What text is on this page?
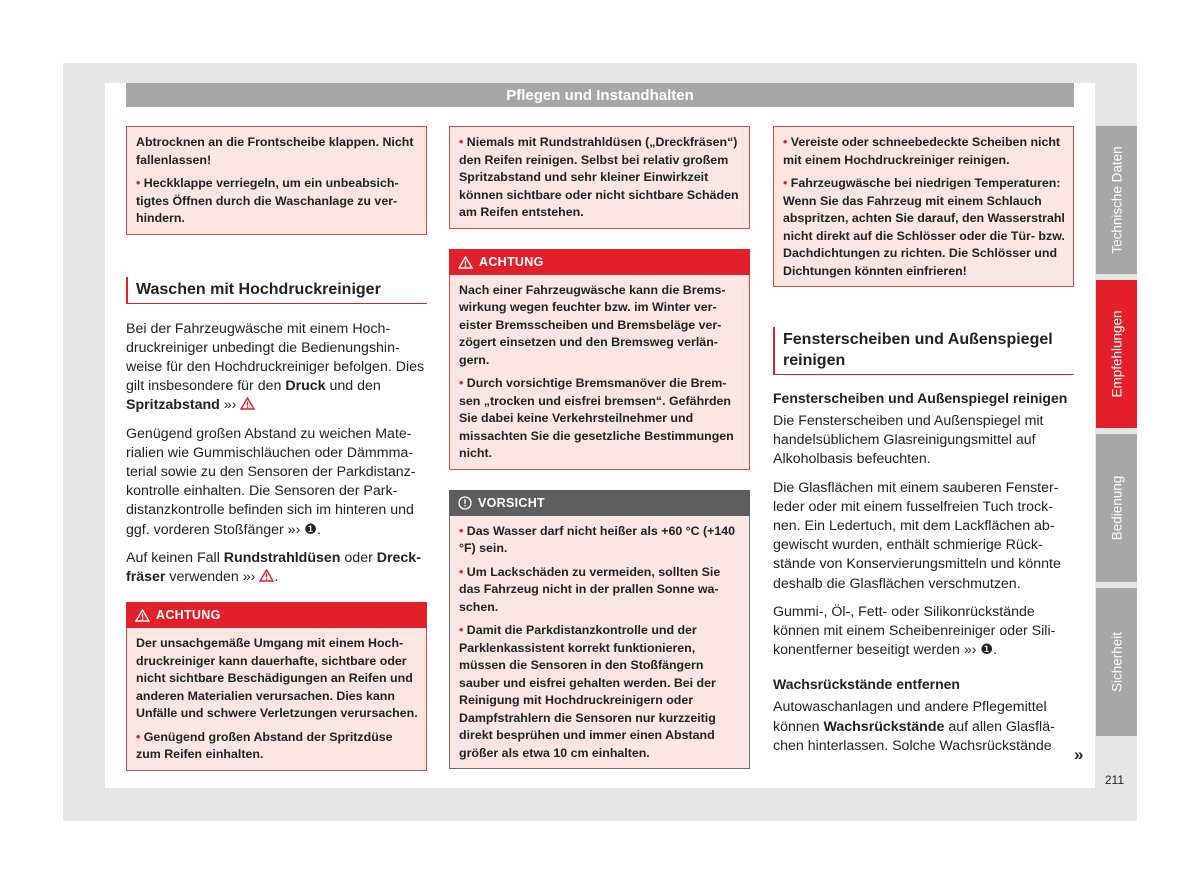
Pflegen und Instandhalten

Abtrocknen an die Frontscheibe klappen. Nicht fallenlassen!

• Heckklappe verriegeln, um ein unbeabsichtigtes Öffnen durch die Waschanlage zu verhindern.

Waschen mit Hochdruckreiniger

Bei der Fahrzeugwäsche mit einem Hochdruckreiniger unbedingt die Bedienungshinweise für den Hochdruckreiniger befolgen. Dies gilt insbesondere für den Druck und den Spritzabstand »›

Genügend großen Abstand zu weichen Materialien wie Gummischläuchen oder Dämmmaterial sowie zu den Sensoren der Parkdistanzkontrolle einhalten. Die Sensoren der Parkdistanzkontrolle befinden sich im hinteren und ggf. vorderen Stoßfänger »› ❶.

Auf keinen Fall Rundstrahldüsen oder Dreckfräser verwenden »› .

ACHTUNG

Der unsachgemäße Umgang mit einem Hochdruckreiniger kann dauerhafte, sichtbare oder nicht sichtbare Beschädigungen an Reifen und anderen Materialien verursachen. Dies kann Unfälle und schwere Verletzungen verursachen.

• Genügend großen Abstand der Spritzdüse zum Reifen einhalten.

• Niemals mit Rundstrahldüsen („Dreckfräsen“) den Reifen reinigen. Selbst bei relativ großem Spritzabstand und sehr kleiner Einwirkzeit können sichtbare oder nicht sichtbare Schäden am Reifen entstehen.

ACHTUNG

Nach einer Fahrzeugwäsche kann die Bremswirkung wegen feuchter bzw. im Winter vereister Bremsscheiben und Bremsbeläge verzögert einsetzen und den Bremsweg verlängern.

• Durch vorsichtige Bremsmanöver die Bremsen „trocken und eisfrei bremsen“. Gefährden Sie dabei keine Verkehrsteilnehmer und missachten Sie die gesetzliche Bestimmungen nicht.

VORSICHT

• Das Wasser darf nicht heißer als +60 °C (+140 °F) sein.

• Um Lackschäden zu vermeiden, sollten Sie das Fahrzeug nicht in der prallen Sonne waschen.

• Damit die Parkdistanzkontrolle und der Parklenkassistent korrekt funktionieren, müssen die Sensoren in den Stoßfängern sauber und eisfrei gehalten werden. Bei der Reinigung mit Hochdruckreinigern oder Dampfstrahlern die Sensoren nur kurzzeitig direkt besprühen und immer einen Abstand größer als etwa 10 cm einhalten.

• Vereiste oder schneebedeckte Scheiben nicht mit einem Hochdruckreiniger reinigen.

• Fahrzeugwäsche bei niedrigen Temperaturen: Wenn Sie das Fahrzeug mit einem Schlauch abspritzen, achten Sie darauf, den Wasserstrahl nicht direkt auf die Schlösser oder die Tür- bzw. Dachdichtungen zu richten. Die Schlösser und Dichtungen könnten einfrieren!

Fensterscheiben und Außenspiegel reinigen

Fensterscheiben und Außenspiegel reinigen

Die Fensterscheiben und Außenspiegel mit handelsüblichem Glasreinigungsmittel auf Alkoholbasis befeuchten.

Die Glasflächen mit einem sauberen Fensterleder oder mit einem fusselfreien Tuch trocknen. Ein Ledertuch, mit dem Lackflächen abgewischt wurden, enthält schmierige Rückstände von Konservierungsmitteln und könnte deshalb die Glasflächen verschmutzen.

Gummi-, Öl-, Fett- oder Silikonrückstände können mit einem Scheibenreiniger oder Silikonentferner beseitigt werden »› ❶.

Wachsrückstände entfernen

Autowaschanlagen und andere Pflegemittel können Wachsrückstände auf allen Glasflächen hinterlassen. Solche Wachsrückstände

Technische Daten
Empfehlungen
Bedienung
Sicherheit
»
211
